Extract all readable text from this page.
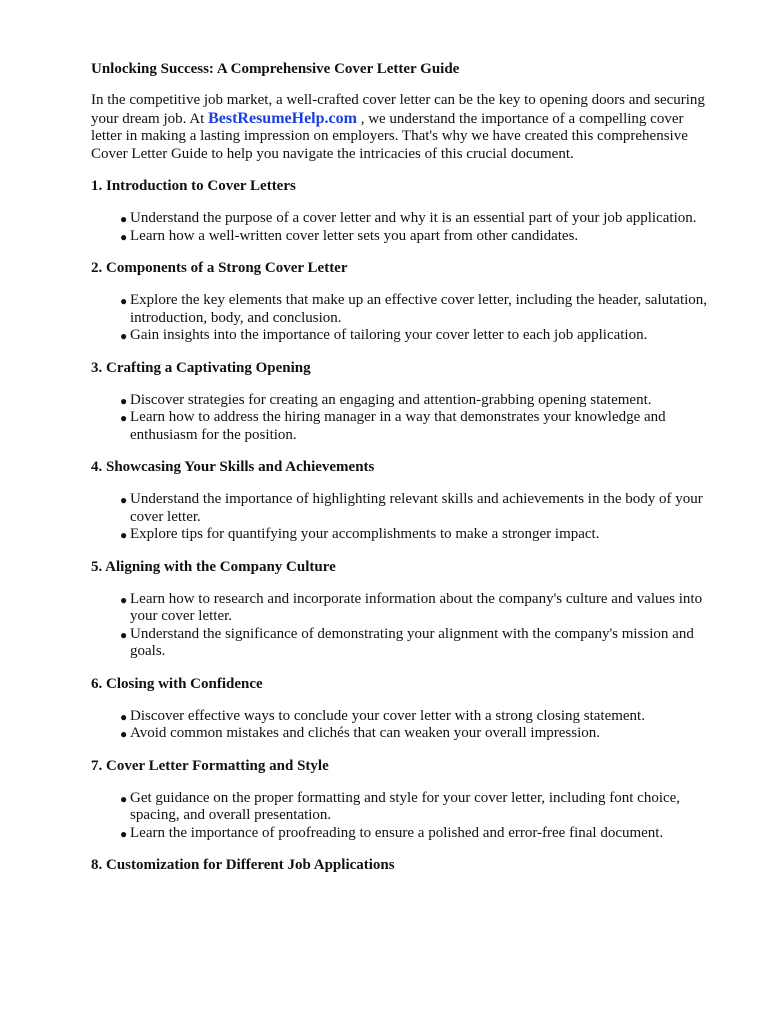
Unlocking Success: A Comprehensive Cover Letter Guide

In the competitive job market, a well-crafted cover letter can be the key to opening doors and securing your dream job. At BestResumeHelp.com , we understand the importance of a compelling cover letter in making a lasting impression on employers. That's why we have created this comprehensive Cover Letter Guide to help you navigate the intricacies of this crucial document.

1. Introduction to Cover Letters
● Understand the purpose of a cover letter and why it is an essential part of your job application.
● Learn how a well-written cover letter sets you apart from other candidates.
2. Components of a Strong Cover Letter
● Explore the key elements that make up an effective cover letter, including the header, salutation, introduction, body, and conclusion.
● Gain insights into the importance of tailoring your cover letter to each job application.
3. Crafting a Captivating Opening
● Discover strategies for creating an engaging and attention-grabbing opening statement.
● Learn how to address the hiring manager in a way that demonstrates your knowledge and enthusiasm for the position.
4. Showcasing Your Skills and Achievements
● Understand the importance of highlighting relevant skills and achievements in the body of your cover letter.
● Explore tips for quantifying your accomplishments to make a stronger impact.
5. Aligning with the Company Culture
● Learn how to research and incorporate information about the company's culture and values into your cover letter.
● Understand the significance of demonstrating your alignment with the company's mission and goals.
6. Closing with Confidence
● Discover effective ways to conclude your cover letter with a strong closing statement.
● Avoid common mistakes and clichés that can weaken your overall impression.
7. Cover Letter Formatting and Style
● Get guidance on the proper formatting and style for your cover letter, including font choice, spacing, and overall presentation.
● Learn the importance of proofreading to ensure a polished and error-free final document.
8. Customization for Different Job Applications
